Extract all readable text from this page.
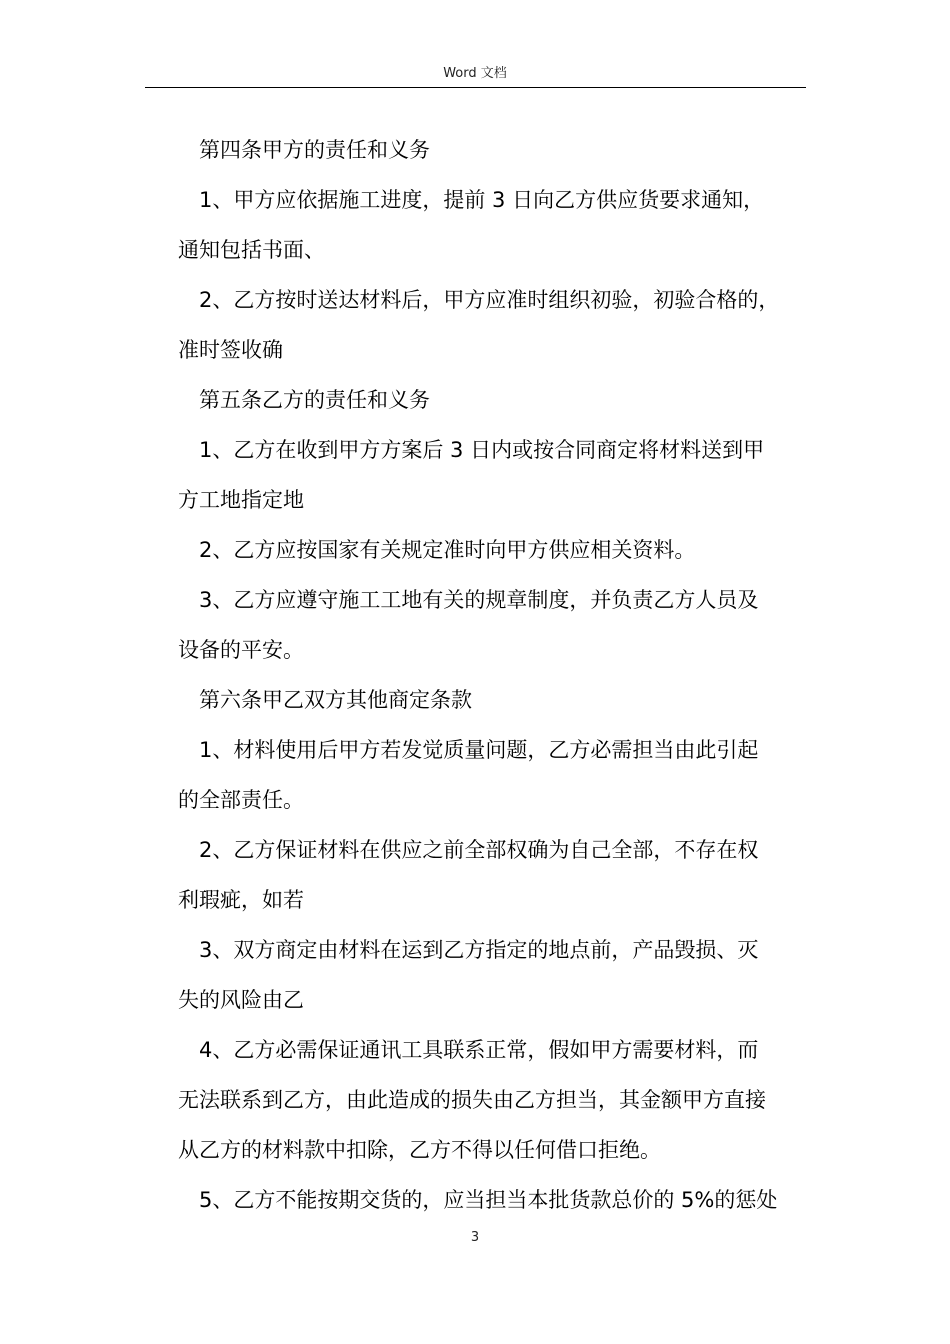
Word 文档

第四条甲方的责任和义务

1、甲方应依据施工进度，提前 3 日向乙方供应货要求通知，
通知包括书面、

2、乙方按时送达材料后，甲方应准时组织初验，初验合格的，
准时签收确

第五条乙方的责任和义务

1、乙方在收到甲方方案后 3 日内或按合同商定将材料送到甲
方工地指定地

2、乙方应按国家有关规定准时向甲方供应相关资料。

3、乙方应遵守施工工地有关的规章制度，并负责乙方人员及
设备的平安。

第六条甲乙双方其他商定条款

1、材料使用后甲方若发觉质量问题，乙方必需担当由此引起
的全部责任。

2、乙方保证材料在供应之前全部权确为自己全部，不存在权
利瑕疵，如若

3、双方商定由材料在运到乙方指定的地点前，产品毁损、灭
失的风险由乙

4、乙方必需保证通讯工具联系正常，假如甲方需要材料，而
无法联系到乙方，由此造成的损失由乙方担当，其金额甲方直接
从乙方的材料款中扣除，乙方不得以任何借口拒绝。

5、乙方不能按期交货的，应当担当本批货款总价的 5%的惩处

3
